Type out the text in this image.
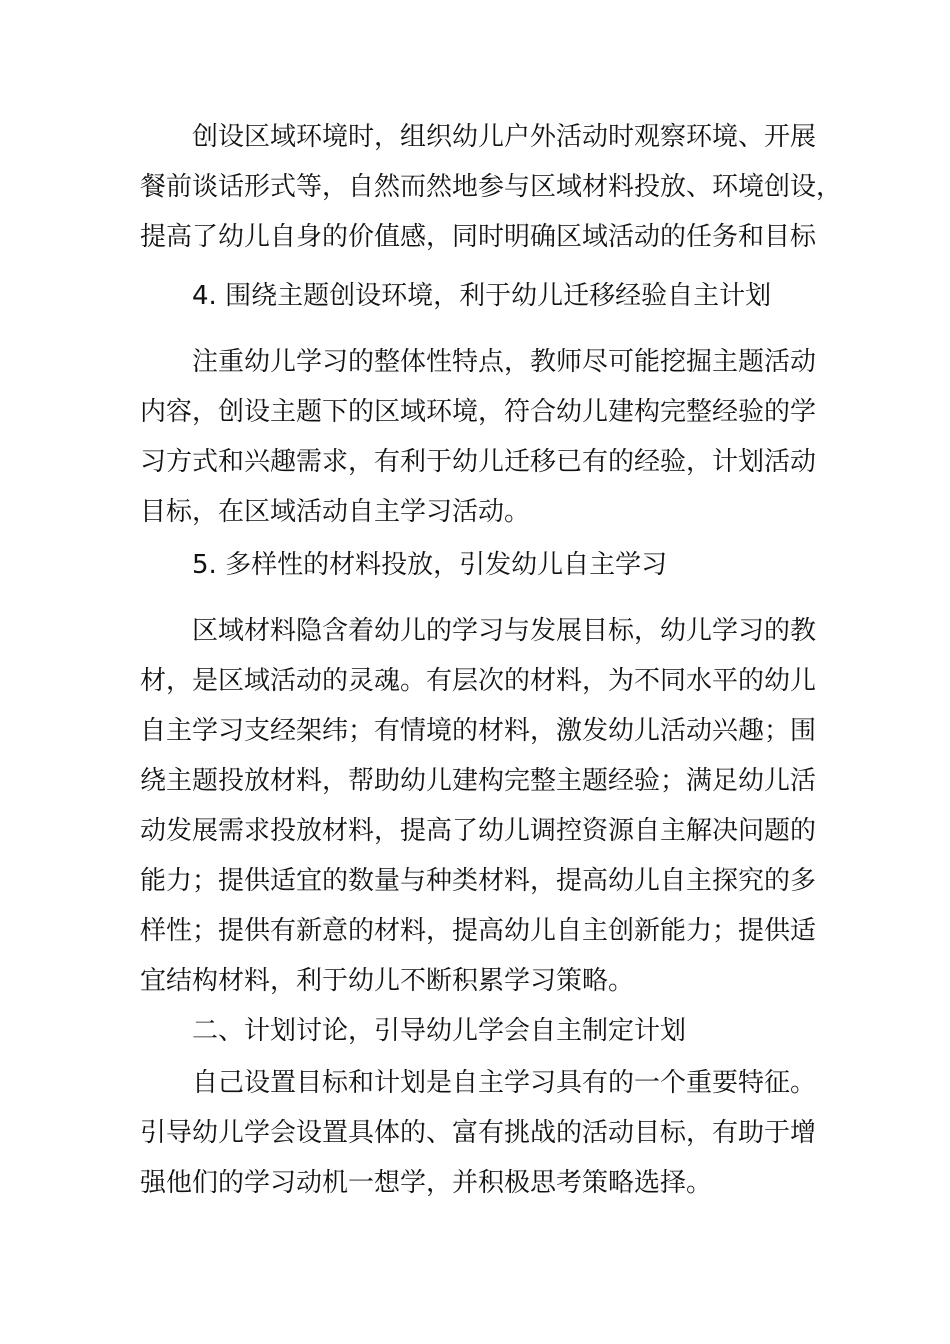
创设区域环境时，组织幼儿户外活动时观察环境、开展
餐前谈话形式等，自然而然地参与区域材料投放、环境创设，
提高了幼儿自身的价值感，同时明确区域活动的任务和目标
4. 围绕主题创设环境，利于幼儿迁移经验自主计划
注重幼儿学习的整体性特点，教师尽可能挖掘主题活动
内容，创设主题下的区域环境，符合幼儿建构完整经验的学
习方式和兴趣需求，有利于幼儿迁移已有的经验，计划活动
目标，在区域活动自主学习活动。
5. 多样性的材料投放，引发幼儿自主学习
区域材料隐含着幼儿的学习与发展目标，幼儿学习的教
材，是区域活动的灵魂。有层次的材料，为不同水平的幼儿
自主学习支经架纬；有情境的材料，激发幼儿活动兴趣；围
绕主题投放材料，帮助幼儿建构完整主题经验；满足幼儿活
动发展需求投放材料，提高了幼儿调控资源自主解决问题的
能力；提供适宜的数量与种类材料，提高幼儿自主探究的多
样性；提供有新意的材料，提高幼儿自主创新能力；提供适
宜结构材料，利于幼儿不断积累学习策略。
二、计划讨论，引导幼儿学会自主制定计划
自己设置目标和计划是自主学习具有的一个重要特征。
引导幼儿学会设置具体的、富有挑战的活动目标，有助于增
强他们的学习动机一想学，并积极思考策略选择。
